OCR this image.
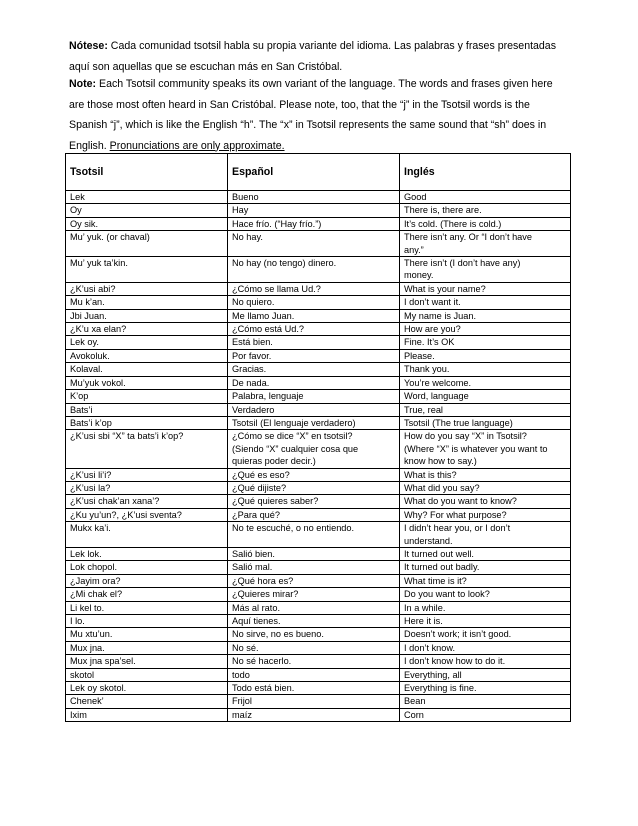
Nótese: Cada comunidad tsotsil habla su propia variante del idioma. Las palabras y frases presentadas aquí son aquellas que se escuchan más en San Cristóbal.
Note: Each Tsotsil community speaks its own variant of the language. The words and frases given here are those most often heard in San Cristóbal. Please note, too, that the “j” in the Tsotsil words is the Spanish “j”, which is like the English “h”. The “x” in Tsotsil represents the same sound that “sh” does in English. Pronunciations are only approximate.
Tsotsil	Español	Inglés
Lek	Bueno	Good
Oy	Hay	There is, there are.
Oy sik.	Hace frío. (“Hay frío.”)	It’s cold. (There is cold.)
Mu’ yuk. (or chaval)	No hay.	There isn’t any. Or “I don’t have
any.”
Mu’ yuk ta’kin.	No hay (no tengo) dinero.	There isn’t (I don’t have any)
money.
¿K’usi abi?	¿Cómo se llama Ud.?	What is your name?
Mu k’an.	No quiero.	I don’t want it.
Jbi Juan.	Me llamo Juan.	My name is Juan.
¿K’u xa elan?	¿Cómo está Ud.?	How are you?
Lek oy.	Está bien.	Fine. It’s OK
Avokoluk.	Por favor.	Please.
Kolaval.	Gracias.	Thank you.
Mu’yuk vokol.	De nada.	You’re welcome.
K’op	Palabra, lenguaje	Word, language
Bats’i	Verdadero	True, real
Bats’i k’op	Tsotsil (El lenguaje verdadero)	Tsotsil (The true language)
¿K’usi sbi “X” ta bats’i k’op?	¿Cómo se dice “X” en tsotsil?
(Siendo “X” cualquier cosa que
quieras poder decir.)	How do you say “X” in Tsotsil?
(Where “X” is whatever you want to
know how to say.)
¿K’usi li’i?	¿Qué es eso?	What is this?
¿K’usi la?	¿Qué dijiste?	What did you say?
¿K’usi chak’an xana’?	¿Qué quieres saber?	What do you want to know?
¿Ku yu’un?, ¿K’usi sventa?	¿Para qué?	Why? For what purpose?
Mukx ka’i.	No te escuché, o no entiendo.	I didn’t hear you, or I don’t
understand.
Lek lok.	Salió bien.	It turned out well.
Lok chopol.	Salió mal.	It turned out badly.
¿Jayim ora?	¿Qué hora es?	What time is it?
¿Mi chak el?	¿Quieres mirar?	Do you want to look?
Li kel to.	Más al rato.	In a while.
I lo.	Aquí tienes.	Here it is.
Mu xtu’un.	No sirve, no es bueno.	Doesn’t work; it isn’t good.
Mux jna.	No sé.	I don’t know.
Mux jna spa’sel.	No sé hacerlo.	I don’t know how to do it.
skotol	todo	Everything, all
Lek oy skotol.	Todo está bien.	Everything is fine.
Chenek’	Frijol	Bean
Ixim	maíz	Corn
